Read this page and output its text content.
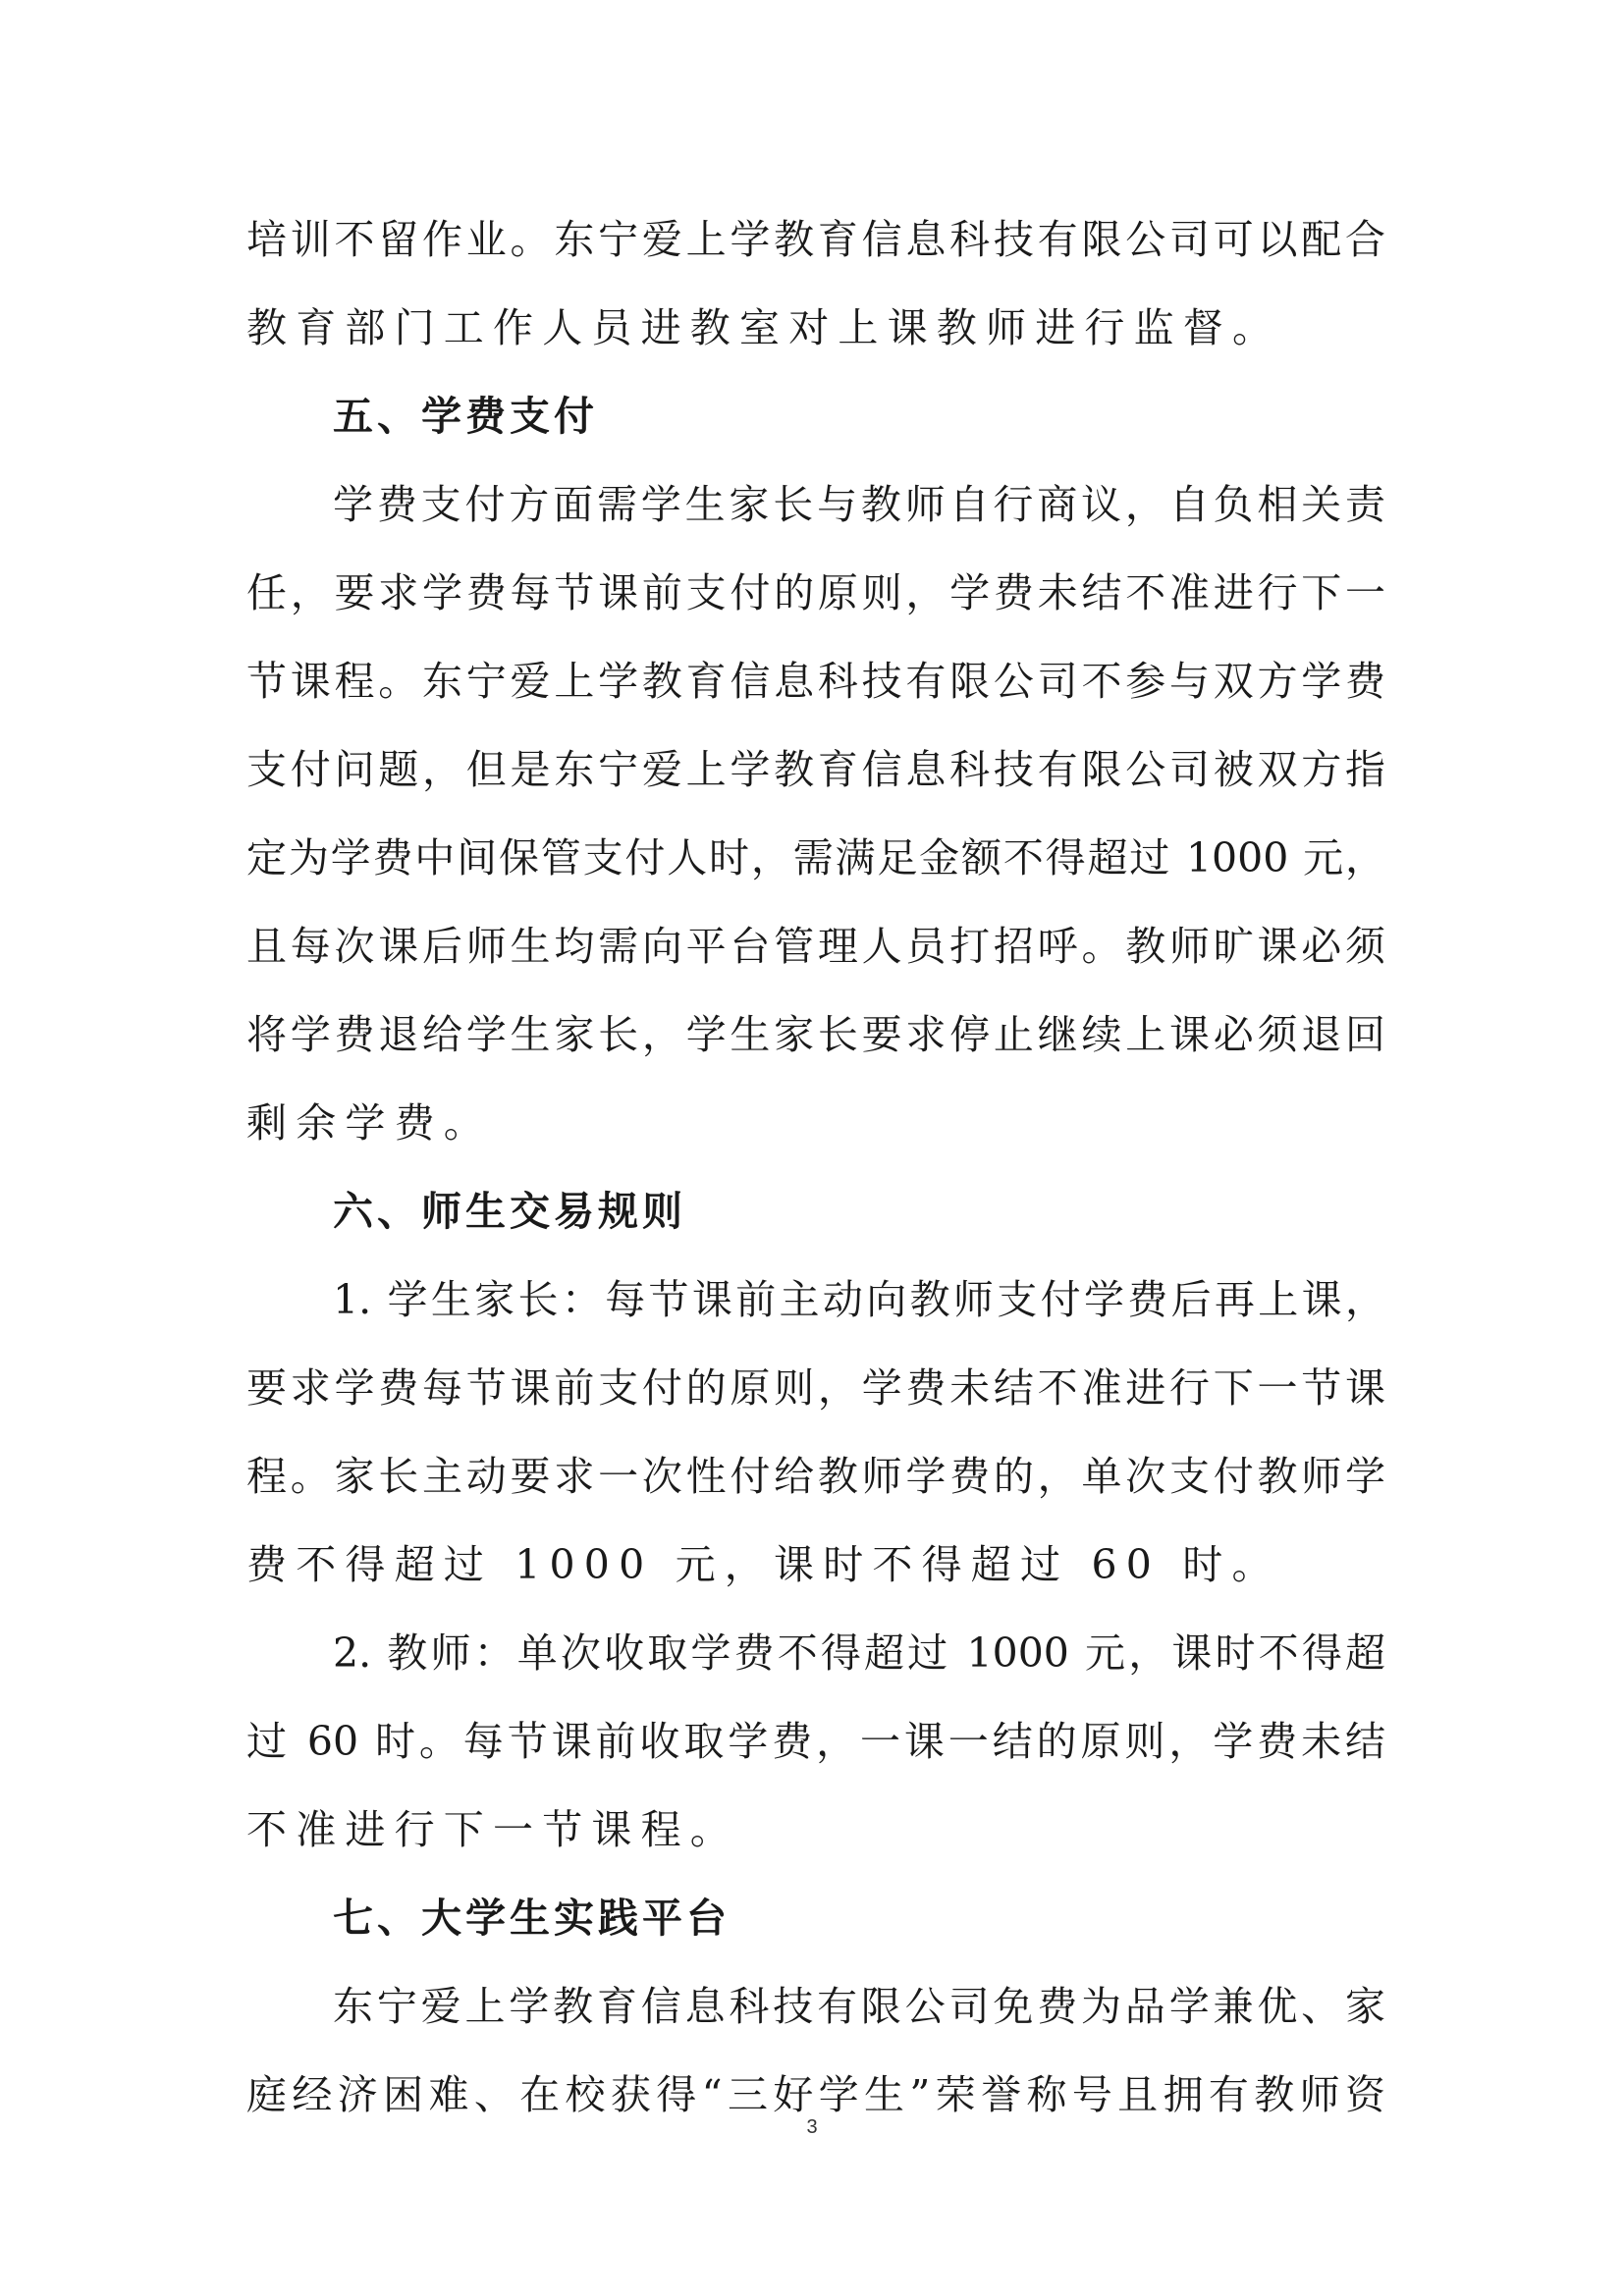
培训不留作业。东宁爱上学教育信息科技有限公司可以配合
教育部门工作人员进教室对上课教师进行监督。
五、学费支付
学费支付方面需学生家长与教师自行商议，自负相关责
任，要求学费每节课前支付的原则，学费未结不准进行下一
节课程。东宁爱上学教育信息科技有限公司不参与双方学费
支付问题，但是东宁爱上学教育信息科技有限公司被双方指
定为学费中间保管支付人时，需满足金额不得超过 1000 元，
且每次课后师生均需向平台管理人员打招呼。教师旷课必须
将学费退给学生家长，学生家长要求停止继续上课必须退回
剩余学费。
六、师生交易规则
1. 学生家长：每节课前主动向教师支付学费后再上课，
要求学费每节课前支付的原则，学费未结不准进行下一节课
程。家长主动要求一次性付给教师学费的，单次支付教师学
费不得超过 1000 元，课时不得超过 60 时。
2. 教师：单次收取学费不得超过 1000 元，课时不得超
过 60 时。每节课前收取学费，一课一结的原则，学费未结
不准进行下一节课程。
七、大学生实践平台
东宁爱上学教育信息科技有限公司免费为品学兼优、家
庭经济困难、在校获得“三好学生”荣誉称号且拥有教师资
3
